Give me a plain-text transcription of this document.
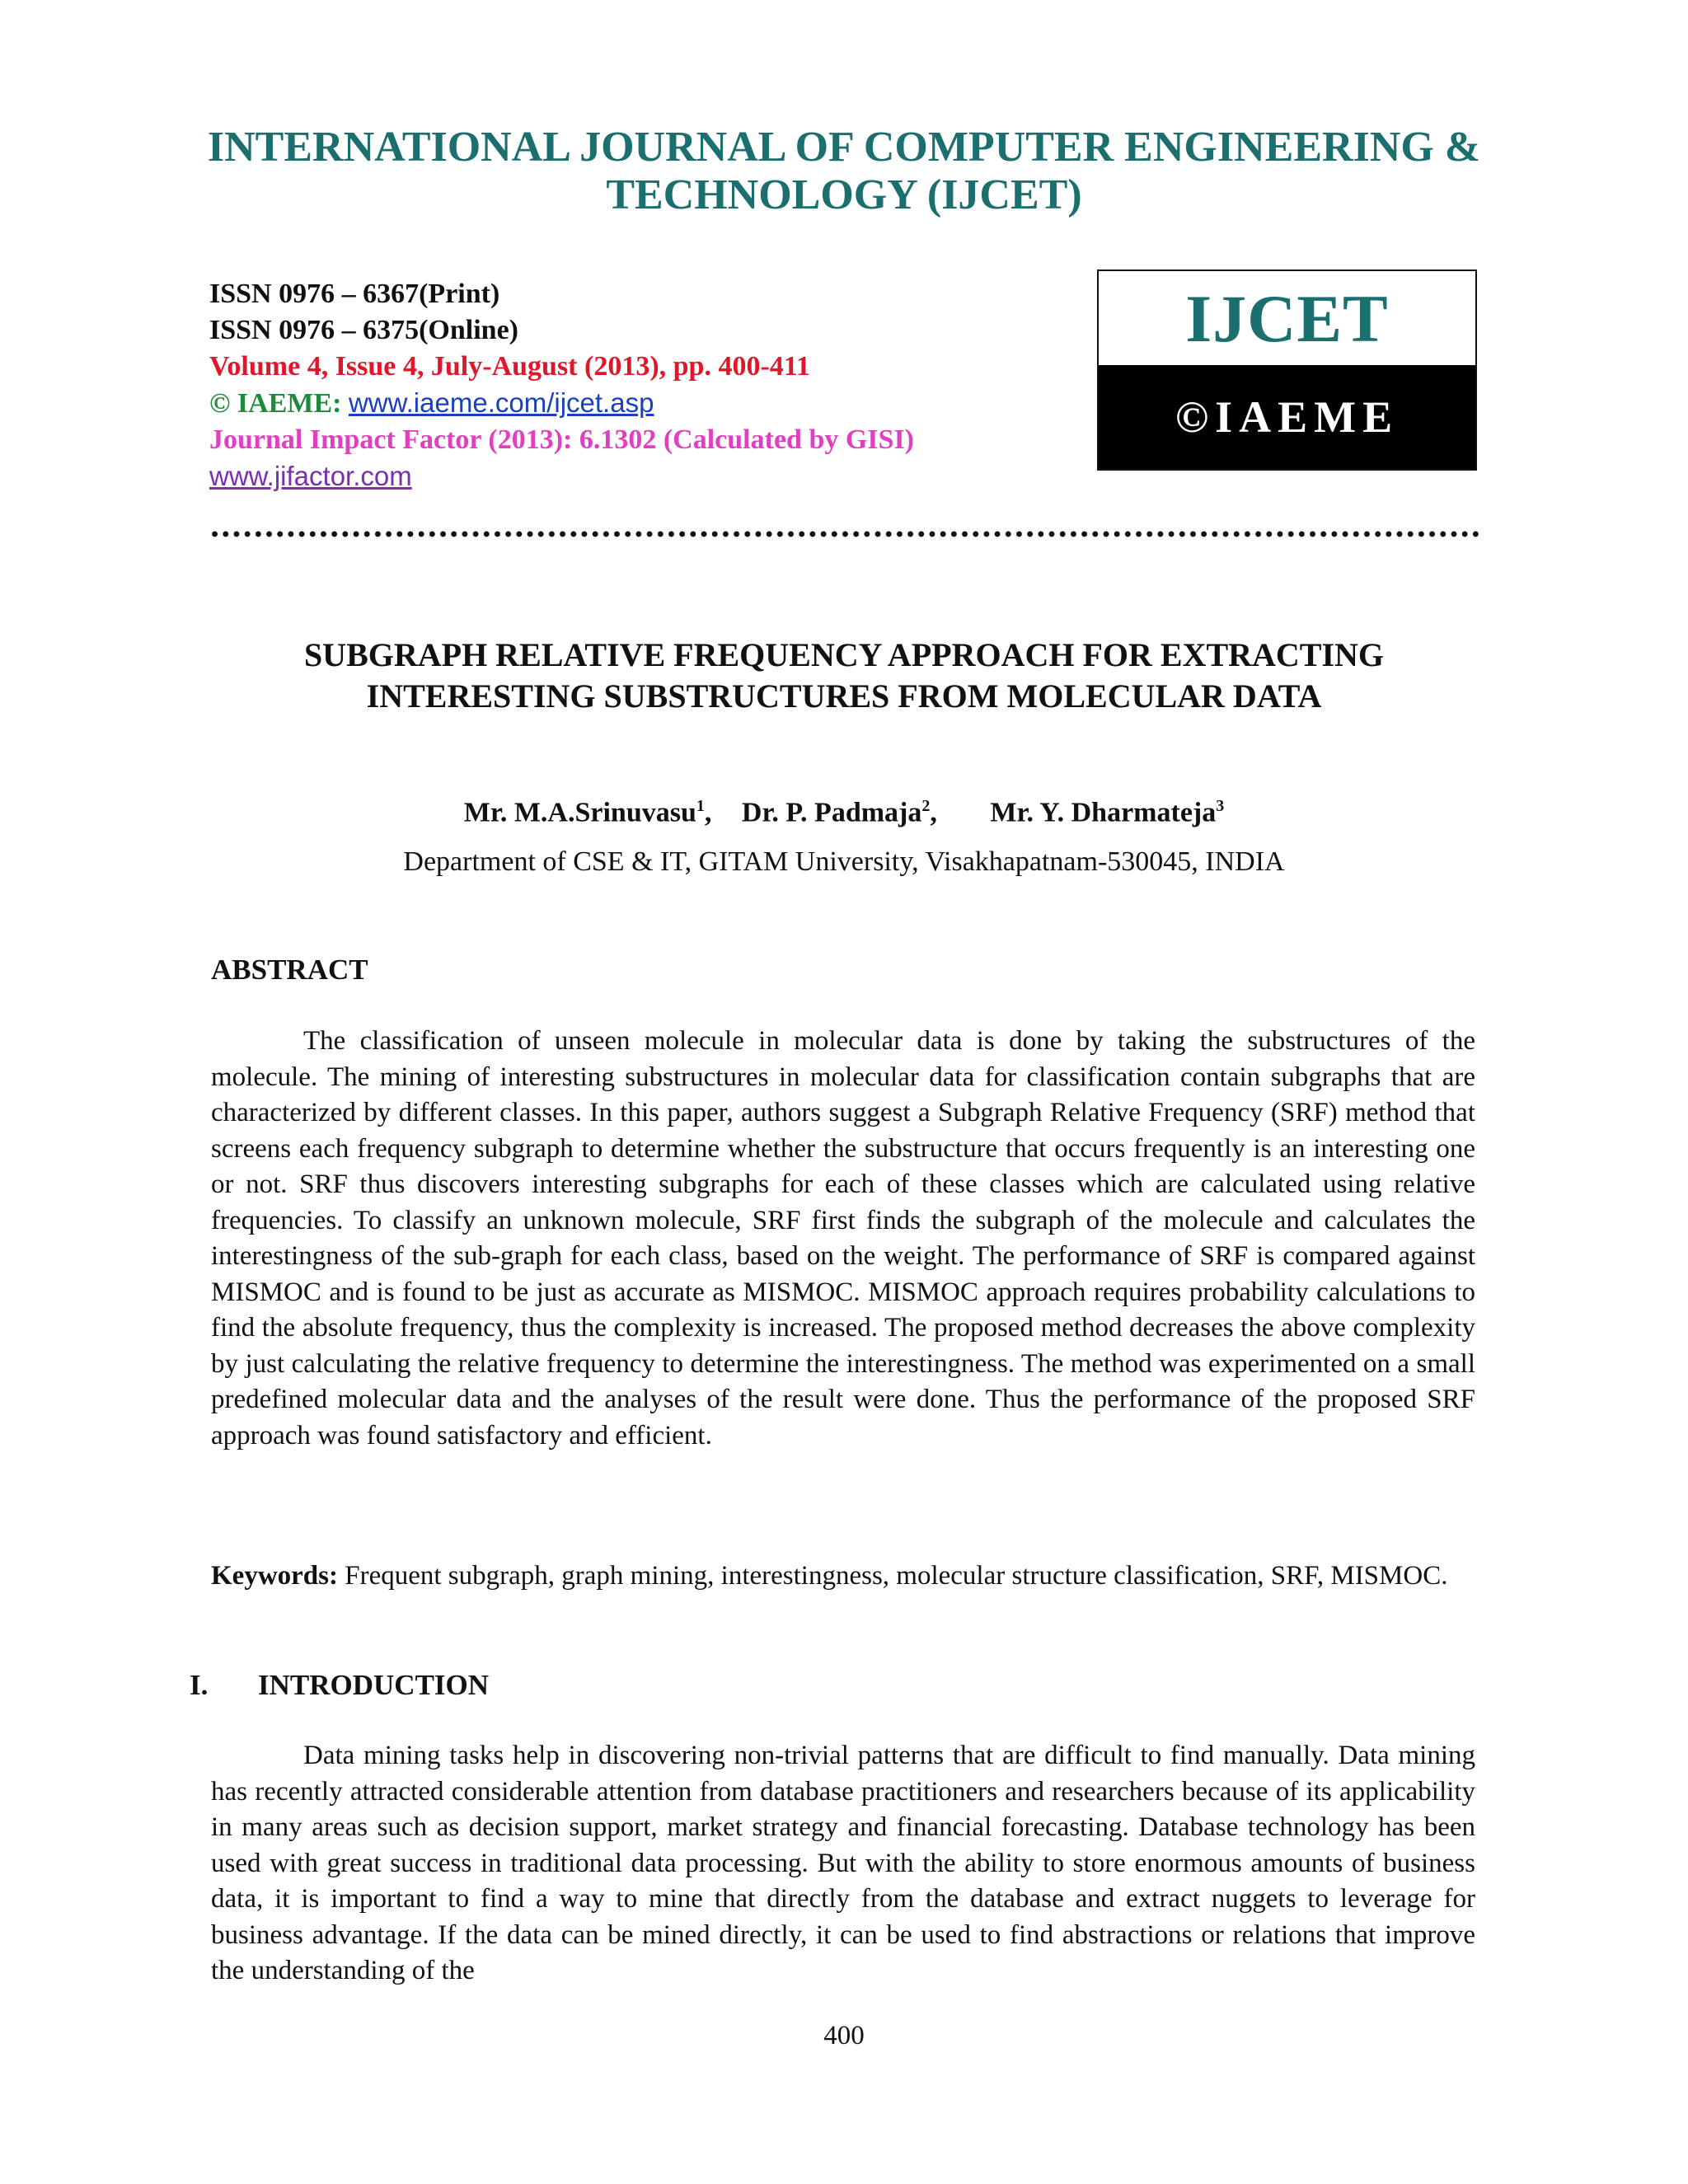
INTERNATIONAL JOURNAL OF COMPUTER ENGINEERING &
TECHNOLOGY (IJCET)
ISSN 0976 – 6367(Print)
ISSN 0976 – 6375(Online)
Volume 4, Issue 4, July-August (2013), pp. 400-411
© IAEME: www.iaeme.com/ijcet.asp
Journal Impact Factor (2013): 6.1302 (Calculated by GISI)
www.jifactor.com
IJCET
©IAEME
SUBGRAPH RELATIVE FREQUENCY APPROACH FOR EXTRACTING
INTERESTING SUBSTRUCTURES FROM MOLECULAR DATA
Mr. M.A.Srinuvasu$^1$, Dr. P. Padmaja$^2$, Mr. Y. Dharmateja$^3$
Department of CSE & IT, GITAM University, Visakhapatnam-530045, INDIA
ABSTRACT
The classification of unseen molecule in molecular data is done by taking the substructures of the molecule. The mining of interesting substructures in molecular data for classification contain subgraphs that are characterized by different classes. In this paper, authors suggest a Subgraph Relative Frequency (SRF) method that screens each frequency subgraph to determine whether the substructure that occurs frequently is an interesting one or not. SRF thus discovers interesting subgraphs for each of these classes which are calculated using relative frequencies. To classify an unknown molecule, SRF first finds the subgraph of the molecule and calculates the interestingness of the sub-graph for each class, based on the weight. The performance of SRF is compared against MISMOC and is found to be just as accurate as MISMOC. MISMOC approach requires probability calculations to find the absolute frequency, thus the complexity is increased. The proposed method decreases the above complexity by just calculating the relative frequency to determine the interestingness. The method was experimented on a small predefined molecular data and the analyses of the result were done. Thus the performance of the proposed SRF approach was found satisfactory and efficient.
Keywords: Frequent subgraph, graph mining, interestingness, molecular structure classification, SRF, MISMOC.
I. INTRODUCTION
Data mining tasks help in discovering non-trivial patterns that are difficult to find manually. Data mining has recently attracted considerable attention from database practitioners and researchers because of its applicability in many areas such as decision support, market strategy and financial forecasting. Database technology has been used with great success in traditional data processing. But with the ability to store enormous amounts of business data, it is important to find a way to mine that directly from the database and extract nuggets to leverage for business advantage. If the data can be mined directly, it can be used to find abstractions or relations that improve the understanding of the
400
